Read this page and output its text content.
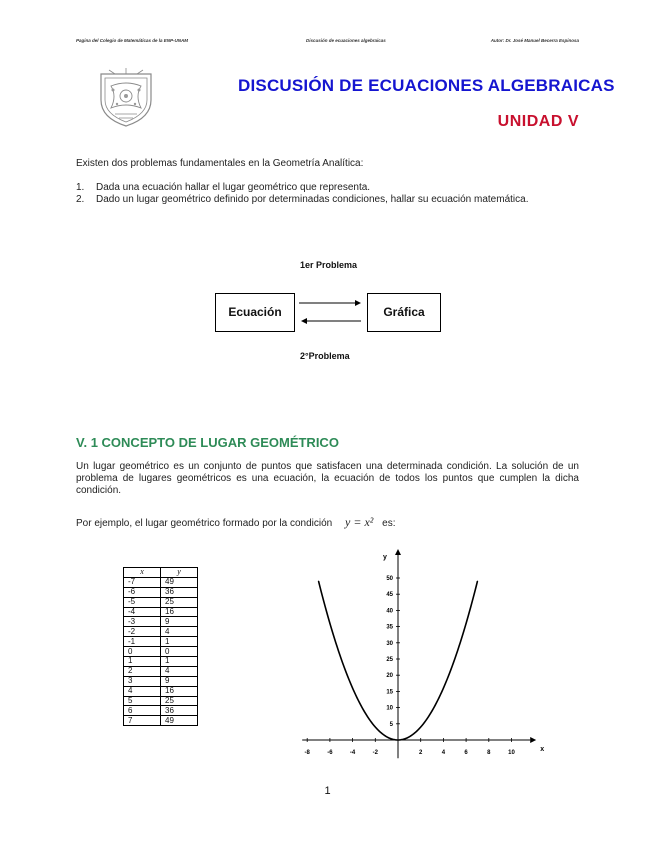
Pagina del Colegio de Matemáticas de la ENP-UNAM	Discusión de ecuaciones algebraicas	Autor: Dr. José Manuel Becerra Espinosa
DISCUSIÓN DE ECUACIONES ALGEBRAICAS
UNIDAD V
Existen dos problemas fundamentales en la Geometría Analítica:
1. Dada una ecuación hallar el lugar geométrico que representa.
2. Dado un lugar geométrico definido por determinadas condiciones, hallar su ecuación matemática.
1er Problema
Ecuación	Gráfica
2°Problema
V. 1 CONCEPTO DE LUGAR GEOMÉTRICO
Un lugar geométrico es un conjunto de puntos que satisfacen una determinada condición. La solución de un problema de lugares geométricos es una ecuación, la ecuación de todos los puntos que cumplen la dicha condición.
Por ejemplo, el lugar geométrico formado por la condición y = x² es:
x	y
-7	49
-6	36
-5	25
-4	16
-3	9
-2	4
-1	1
0	0
1	1
2	4
3	9
4	16
5	25
6	36
7	49
x
y
-8	-6	-4	-2	2	4	6	8	10
5
10
15
20
25
30
35
40
45
50
1
